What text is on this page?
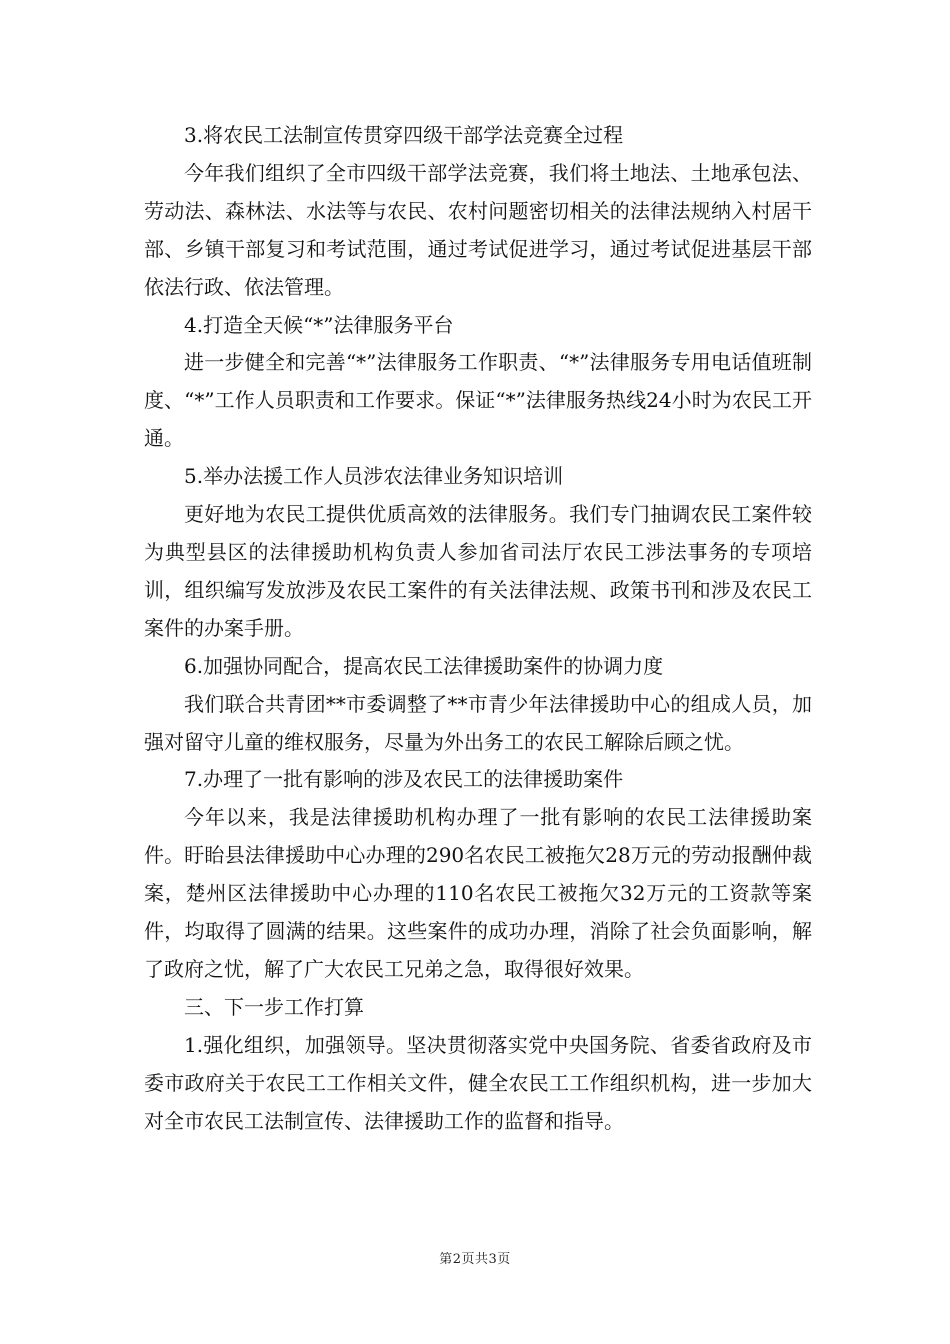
3.将农民工法制宣传贯穿四级干部学法竞赛全过程

今年我们组织了全市四级干部学法竞赛，我们将土地法、土地承包法、劳动法、森林法、水法等与农民、农村问题密切相关的法律法规纳入村居干部、乡镇干部复习和考试范围，通过考试促进学习，通过考试促进基层干部依法行政、依法管理。

4.打造全天候“*”法律服务平台

进一步健全和完善“*”法律服务工作职责、“*”法律服务专用电话值班制度、“*”工作人员职责和工作要求。保证“*”法律服务热线24小时为农民工开通。

5.举办法援工作人员涉农法律业务知识培训

更好地为农民工提供优质高效的法律服务。我们专门抽调农民工案件较为典型县区的法律援助机构负责人参加省司法厅农民工涉法事务的专项培训，组织编写发放涉及农民工案件的有关法律法规、政策书刊和涉及农民工案件的办案手册。

6.加强协同配合，提高农民工法律援助案件的协调力度

我们联合共青团**市委调整了**市青少年法律援助中心的组成人员，加强对留守儿童的维权服务，尽量为外出务工的农民工解除后顾之忧。

7.办理了一批有影响的涉及农民工的法律援助案件

今年以来，我是法律援助机构办理了一批有影响的农民工法律援助案件。盱眙县法律援助中心办理的290名农民工被拖欠28万元的劳动报酬仲裁案，楚州区法律援助中心办理的110名农民工被拖欠32万元的工资款等案件，均取得了圆满的结果。这些案件的成功办理，消除了社会负面影响，解了政府之忧，解了广大农民工兄弟之急，取得很好效果。

三、下一步工作打算

1.强化组织，加强领导。坚决贯彻落实党中央国务院、省委省政府及市委市政府关于农民工工作相关文件，健全农民工工作组织机构，进一步加大对全市农民工法制宣传、法律援助工作的监督和指导。

第2页共3页
